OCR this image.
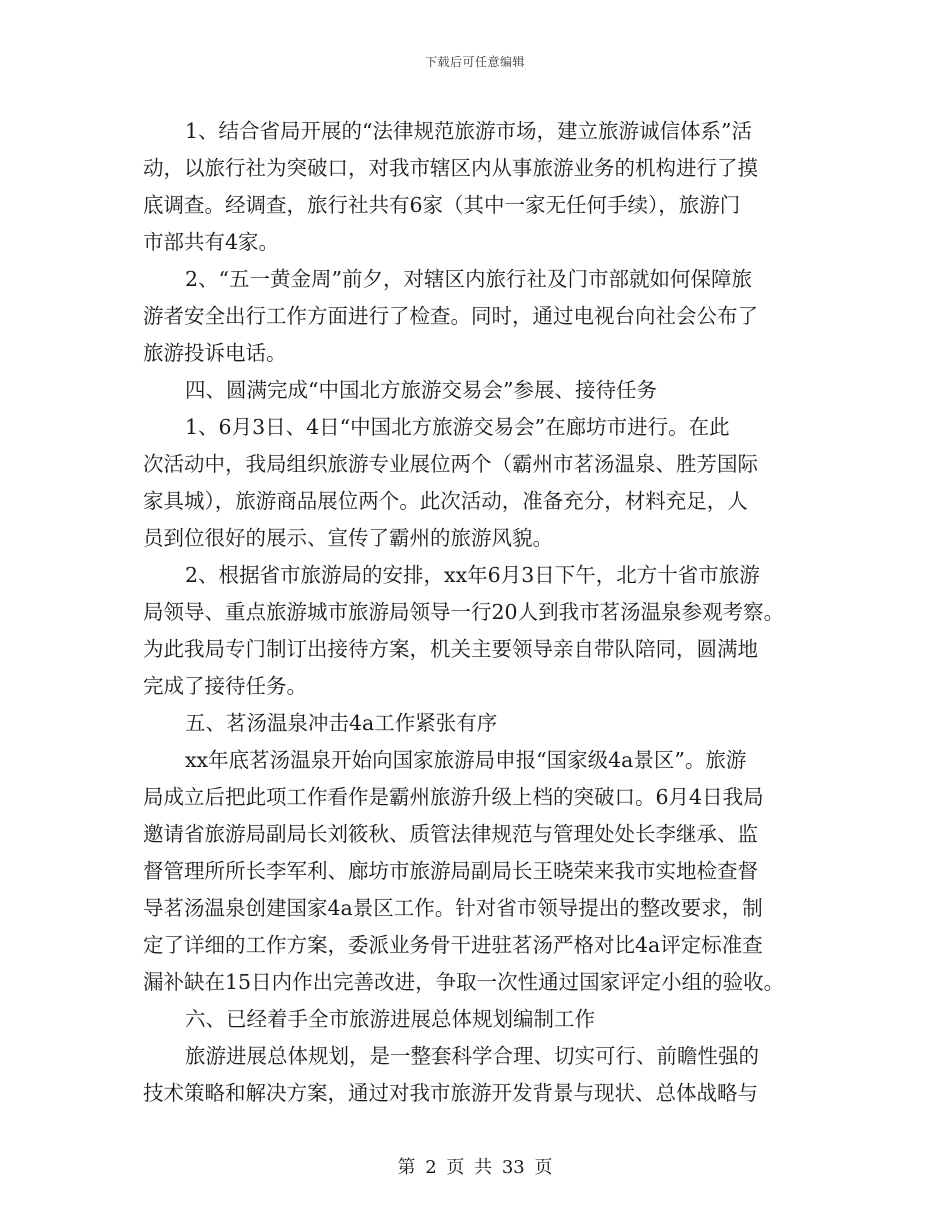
下载后可任意编辑
1、结合省局开展的“法律规范旅游市场，建立旅游诚信体系”活
动，以旅行社为突破口，对我市辖区内从事旅游业务的机构进行了摸
底调查。经调查，旅行社共有6家（其中一家无任何手续），旅游门
市部共有4家。
2、“五一黄金周”前夕，对辖区内旅行社及门市部就如何保障旅
游者安全出行工作方面进行了检查。同时，通过电视台向社会公布了
旅游投诉电话。
四、圆满完成“中国北方旅游交易会”参展、接待任务
1、6月3日、4日“中国北方旅游交易会”在廊坊市进行。在此
次活动中，我局组织旅游专业展位两个（霸州市茗汤温泉、胜芳国际
家具城），旅游商品展位两个。此次活动，准备充分，材料充足，人
员到位很好的展示、宣传了霸州的旅游风貌。
2、根据省市旅游局的安排，xx年6月3日下午，北方十省市旅游
局领导、重点旅游城市旅游局领导一行20人到我市茗汤温泉参观考察。
为此我局专门制订出接待方案，机关主要领导亲自带队陪同，圆满地
完成了接待任务。
五、茗汤温泉冲击4a工作紧张有序
xx年底茗汤温泉开始向国家旅游局申报“国家级4a景区”。旅游
局成立后把此项工作看作是霸州旅游升级上档的突破口。6月4日我局
邀请省旅游局副局长刘筱秋、质管法律规范与管理处处长李继承、监
督管理所所长李军利、廊坊市旅游局副局长王晓荣来我市实地检查督
导茗汤温泉创建国家4a景区工作。针对省市领导提出的整改要求，制
定了详细的工作方案，委派业务骨干进驻茗汤严格对比4a评定标准查
漏补缺在15日内作出完善改进，争取一次性通过国家评定小组的验收。
六、已经着手全市旅游进展总体规划编制工作
旅游进展总体规划，是一整套科学合理、切实可行、前瞻性强的
技术策略和解决方案，通过对我市旅游开发背景与现状、总体战略与
第 2 页 共 33 页
